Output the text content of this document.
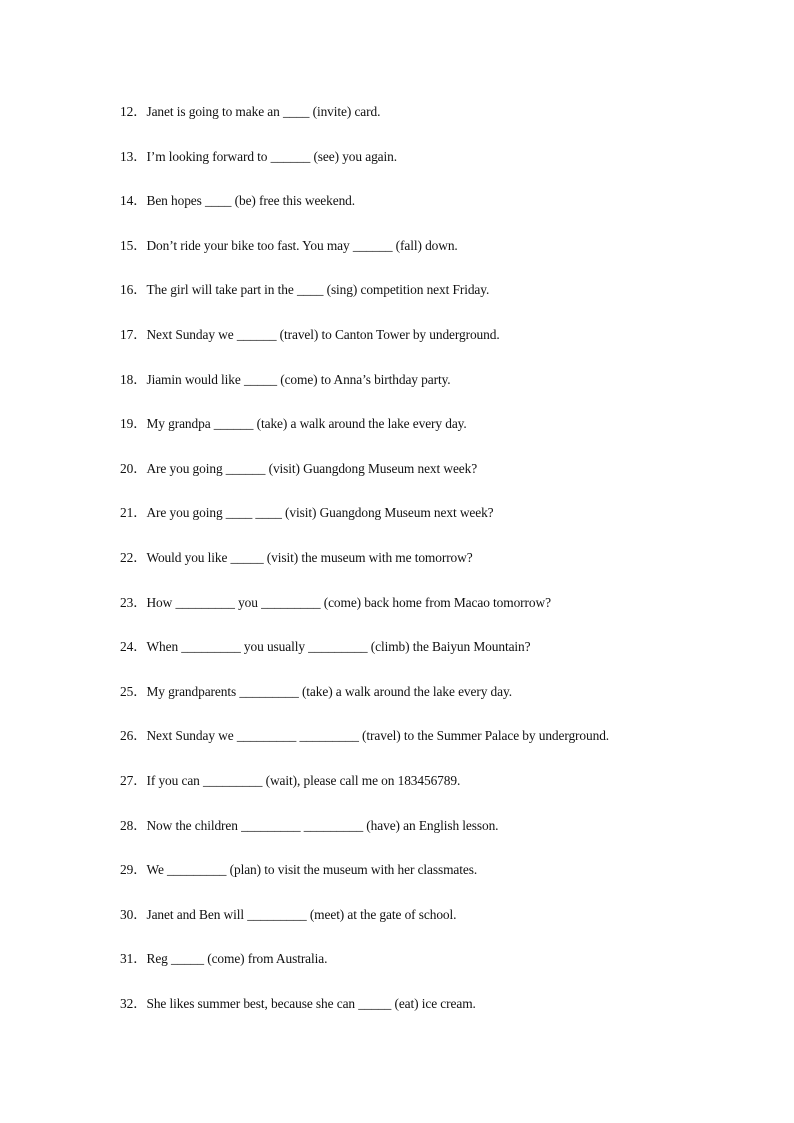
12．Janet is going to make an ____ (invite) card.
13．I’m looking forward to ______ (see) you again.
14．Ben hopes ____ (be) free this weekend.
15．Don’t ride your bike too fast. You may ______ (fall) down.
16．The girl will take part in the ____ (sing) competition next Friday.
17．Next Sunday we ______ (travel) to Canton Tower by underground.
18．Jiamin would like _____ (come) to Anna’s birthday party.
19．My grandpa ______ (take) a walk around the lake every day.
20．Are you going ______ (visit) Guangdong Museum next week?
21．Are you going ____ ____ (visit) Guangdong Museum next week?
22．Would you like _____ (visit) the museum with me tomorrow?
23．How _________ you _________ (come) back home from Macao tomorrow?
24．When _________ you usually _________ (climb) the Baiyun Mountain?
25．My grandparents _________ (take) a walk around the lake every day.
26．Next Sunday we _________ _________ (travel) to the Summer Palace by underground.
27．If you can _________ (wait), please call me on 183456789.
28．Now the children _________ _________ (have) an English lesson.
29．We _________ (plan) to visit the museum with her classmates.
30．Janet and Ben will _________ (meet) at the gate of school.
31．Reg _____ (come) from Australia.
32．She likes summer best, because she can _____ (eat) ice cream.
